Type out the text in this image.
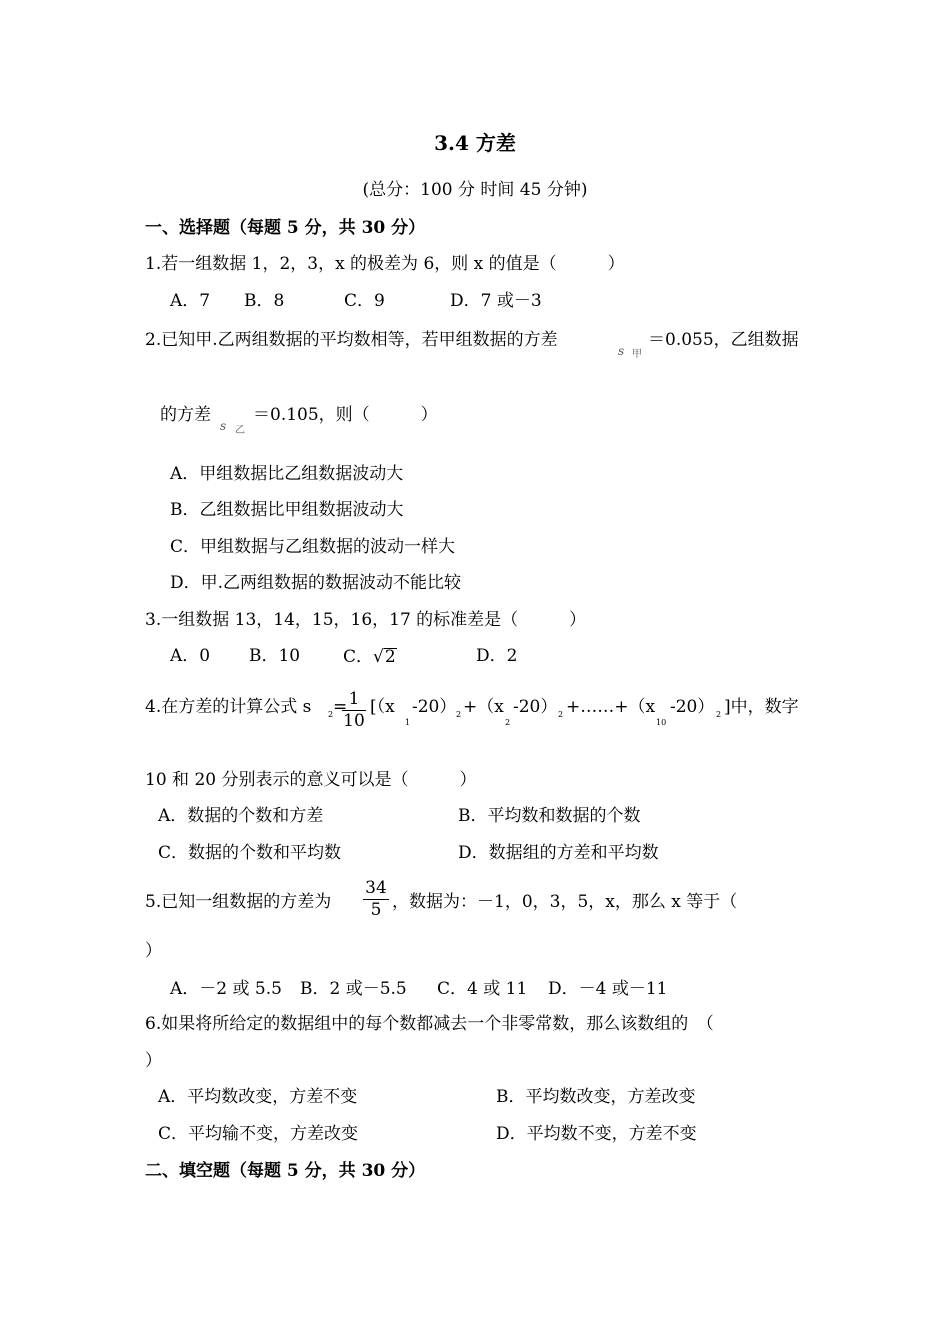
3.4 方差
(总分：100 分 时间 45 分钟)
一、选择题（每题 5 分，共 30 分）
1.若一组数据 1，2，3，x 的极差为 6，则 x 的值是（　　　）
A．7 B．8	C．9	D．7 或－3
2.已知甲.乙两组数据的平均数相等，若甲组数据的方差
s 甲
＝0.055，乙组数据
的方差
s 乙
＝0.105，则（　　　）
A．甲组数据比乙组数据波动大
B．乙组数据比甲组数据波动大
C．甲组数据与乙组数据的波动一样大
D．甲.乙两组数据的数据波动不能比较
3.一组数据 13，14，15，16，17 的标准差是（　　　）
A．0 B．10	C．√2	D．2
4.在方差的计算公式 s 2 = 1
10
[（x
1
-20） 2 +（x
2
-20） 2 +……+（x
10
-20） 2 ]中，数字
10 和 20 分别表示的意义可以是（　　　）
A．数据的个数和方差	B．平均数和数据的个数
C．数据的个数和平均数	D．数据组的方差和平均数
5.已知一组数据的方差为
34
5 ，数据为：－1，0，3，5，x，那么 x 等于（
）
A．－2 或 5.5 B．2 或－5.5 C．4 或 11 D．－4 或－11
6.如果将所给定的数据组中的每个数都减去一个非零常数，那么该数组的　（
）
A．平均数改变，方差不变	B．平均数改变，方差改变
C．平均输不变，方差改变	D．平均数不变，方差不变
二、填空题（每题 5 分，共 30 分）
